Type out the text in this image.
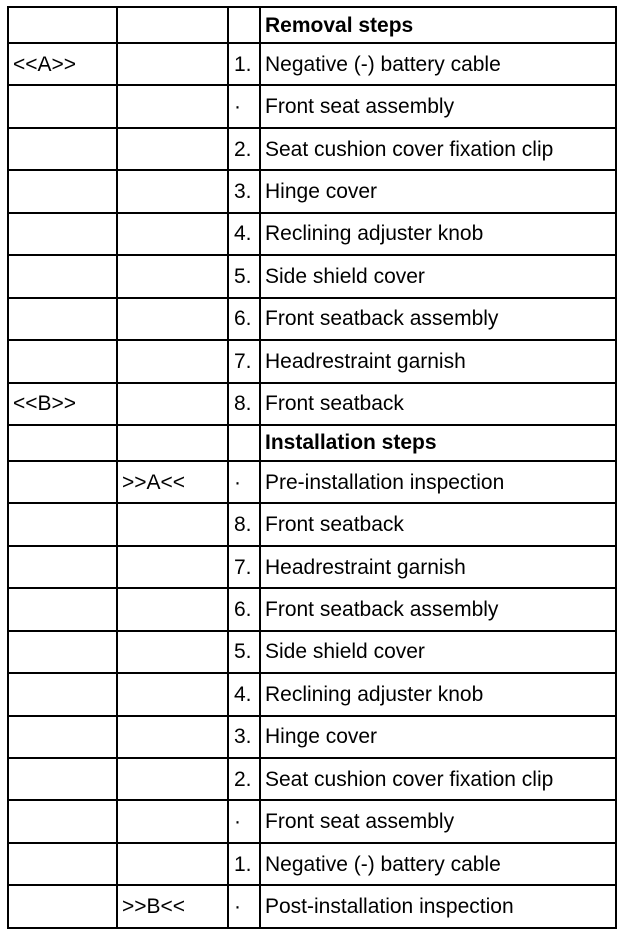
			Removal steps
<<A>>		1.	Negative (-) battery cable
		·	Front seat assembly
		2.	Seat cushion cover fixation clip
		3.	Hinge cover
		4.	Reclining adjuster knob
		5.	Side shield cover
		6.	Front seatback assembly
		7.	Headrestraint garnish
<<B>>		8.	Front seatback
			Installation steps
	>>A<<	·	Pre-installation inspection
		8.	Front seatback
		7.	Headrestraint garnish
		6.	Front seatback assembly
		5.	Side shield cover
		4.	Reclining adjuster knob
		3.	Hinge cover
		2.	Seat cushion cover fixation clip
		·	Front seat assembly
		1.	Negative (-) battery cable
	>>B<<	·	Post-installation inspection
